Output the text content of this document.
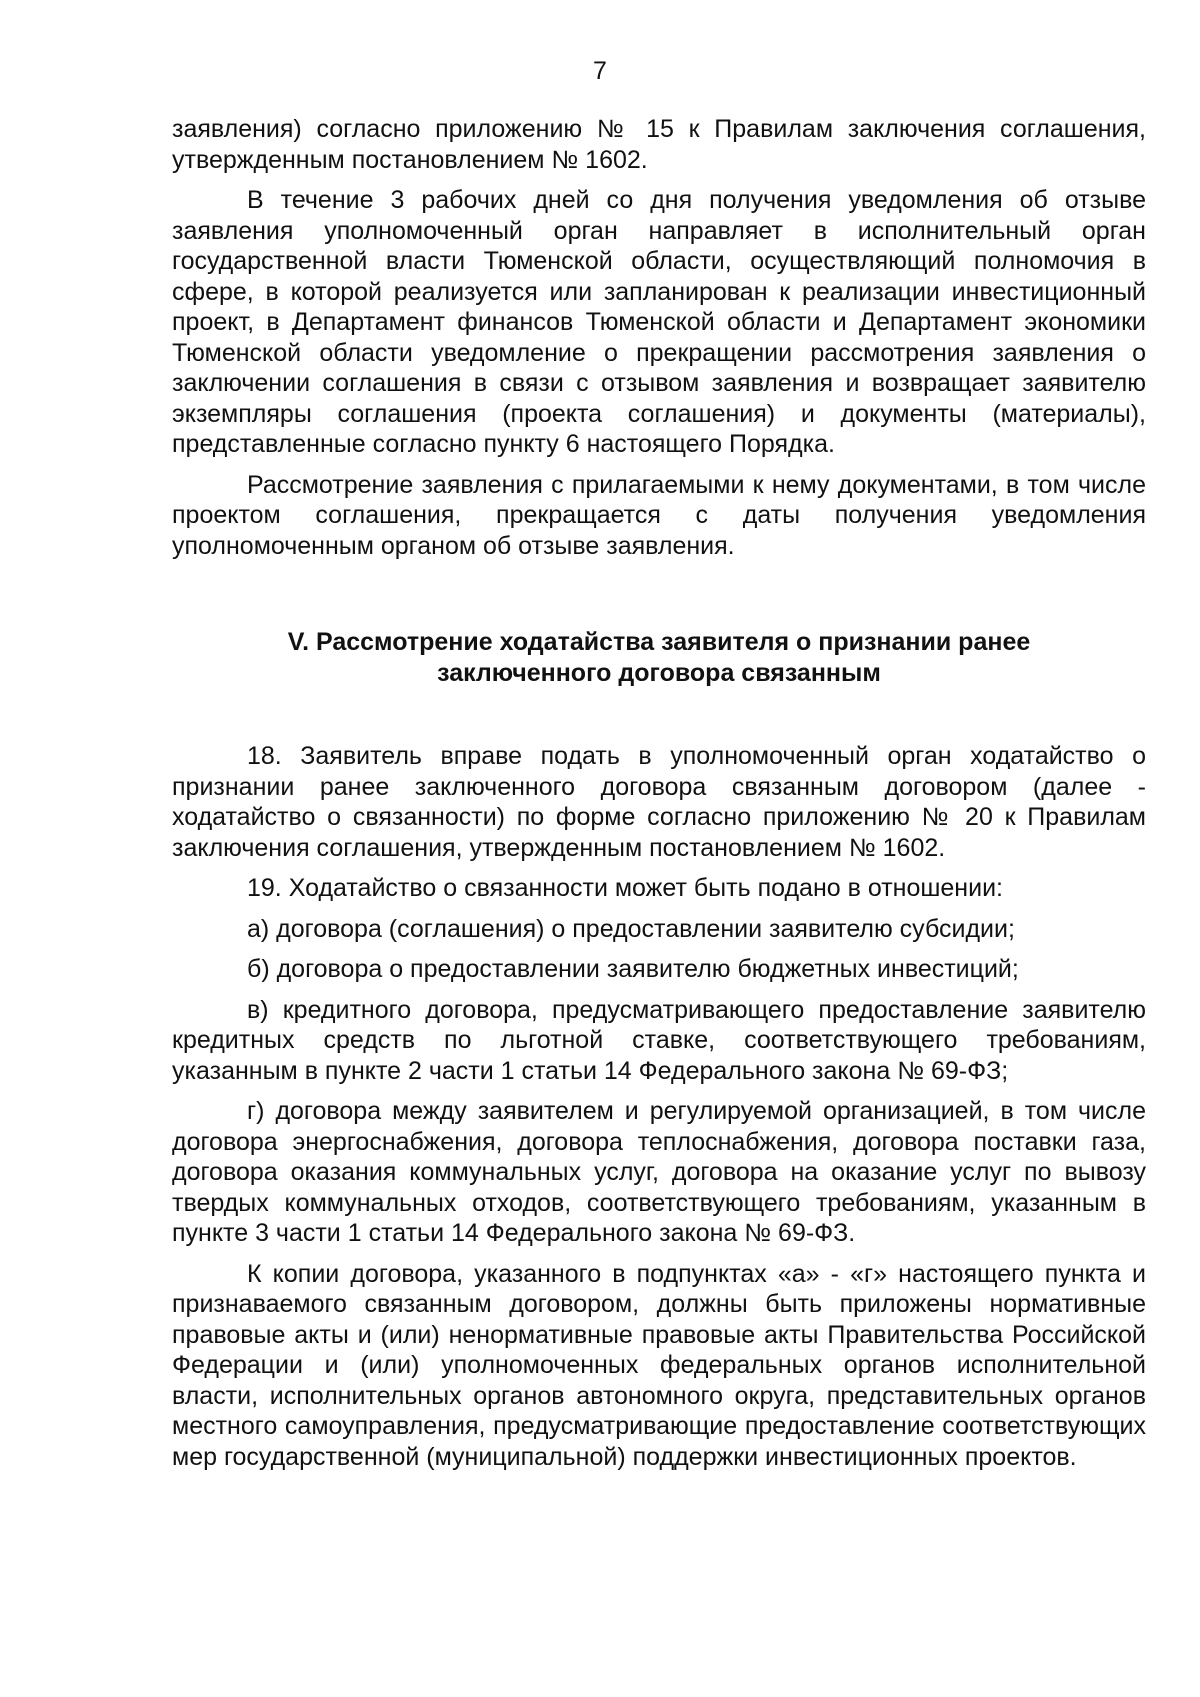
7

заявления) согласно приложению № 15 к Правилам заключения соглашения, утвержденным постановлением № 1602.

В течение 3 рабочих дней со дня получения уведомления об отзыве заявления уполномоченный орган направляет в исполнительный орган государственной власти Тюменской области, осуществляющий полномочия в сфере, в которой реализуется или запланирован к реализации инвестиционный проект, в Департамент финансов Тюменской области и Департамент экономики Тюменской области уведомление о прекращении рассмотрения заявления о заключении соглашения в связи с отзывом заявления и возвращает заявителю экземпляры соглашения (проекта соглашения) и документы (материалы), представленные согласно пункту 6 настоящего Порядка.

Рассмотрение заявления с прилагаемыми к нему документами, в том числе проектом соглашения, прекращается с даты получения уведомления уполномоченным органом об отзыве заявления.

V. Рассмотрение ходатайства заявителя о признании ранее
заключенного договора связанным

18. Заявитель вправе подать в уполномоченный орган ходатайство о признании ранее заключенного договора связанным договором (далее - ходатайство о связанности) по форме согласно приложению № 20 к Правилам заключения соглашения, утвержденным постановлением № 1602.

19. Ходатайство о связанности может быть подано в отношении:

а) договора (соглашения) о предоставлении заявителю субсидии;

б) договора о предоставлении заявителю бюджетных инвестиций;

в) кредитного договора, предусматривающего предоставление заявителю кредитных средств по льготной ставке, соответствующего требованиям, указанным в пункте 2 части 1 статьи 14 Федерального закона № 69-ФЗ;

г) договора между заявителем и регулируемой организацией, в том числе договора энергоснабжения, договора теплоснабжения, договора поставки газа, договора оказания коммунальных услуг, договора на оказание услуг по вывозу твердых коммунальных отходов, соответствующего требованиям, указанным в пункте 3 части 1 статьи 14 Федерального закона № 69-ФЗ.

К копии договора, указанного в подпунктах «а» - «г» настоящего пункта и признаваемого связанным договором, должны быть приложены нормативные правовые акты и (или) ненормативные правовые акты Правительства Российской Федерации и (или) уполномоченных федеральных органов исполнительной власти, исполнительных органов автономного округа, представительных органов местного самоуправления, предусматривающие предоставление соответствующих мер государственной (муниципальной) поддержки инвестиционных проектов.
